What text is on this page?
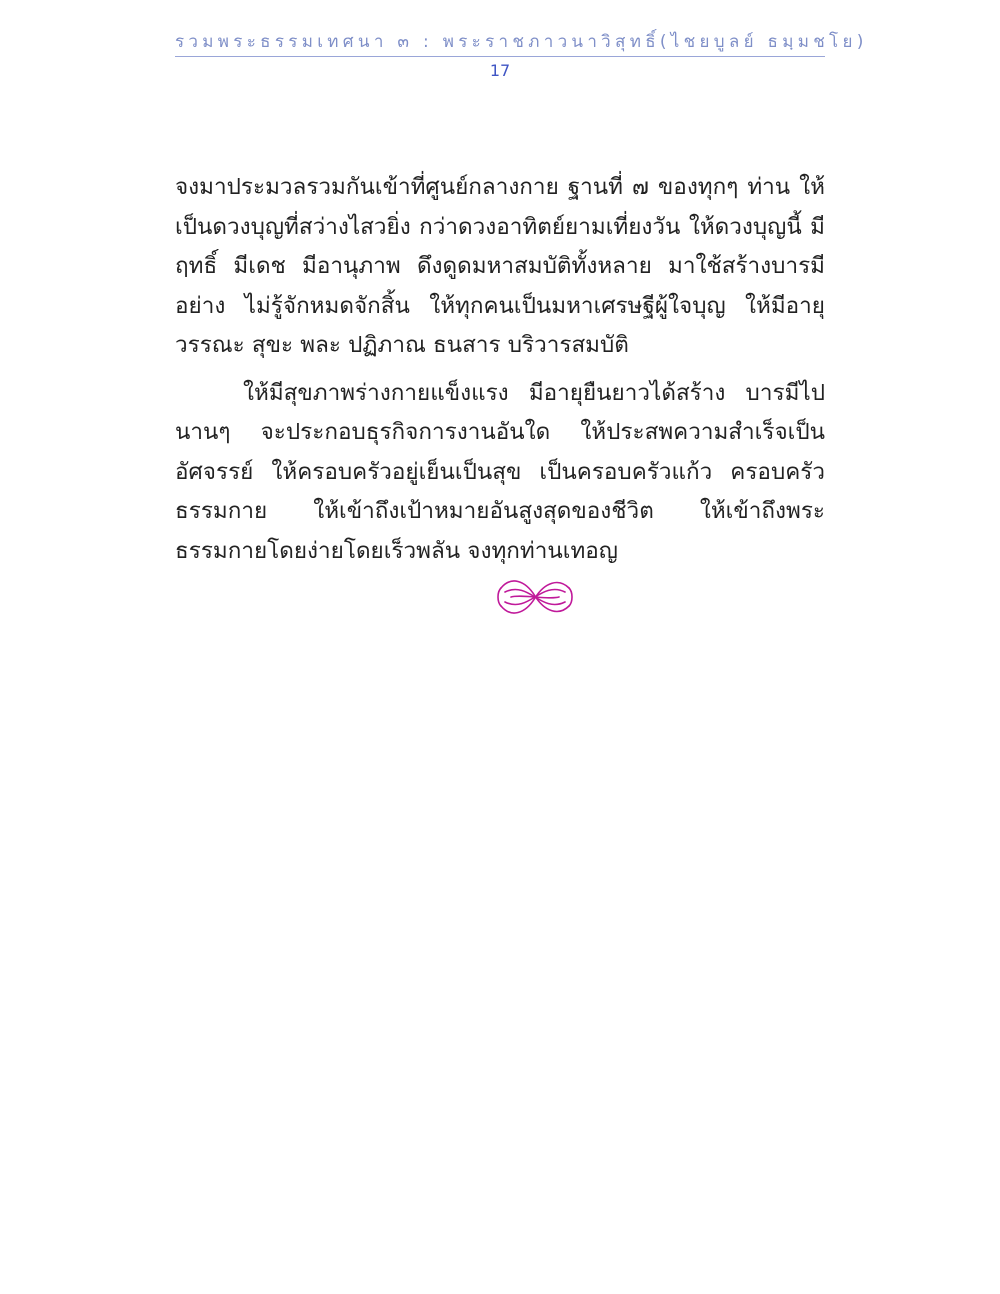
รวมพระธรรมเทศนา ๓ : พระราชภาวนาวิสุทธิ์(ไชยบูลย์ ธมฺมชโย)
17

จงมาประมวลรวมกันเข้าที่ศูนย์กลางกาย ฐานที่ ๗ ของทุกๆ ท่าน ให้เป็นดวงบุญที่สว่างไสวยิ่ง กว่าดวงอาทิตย์ยามเที่ยงวัน ให้ดวงบุญนี้ มีฤทธิ์ มีเดช มีอานุภาพ ดึงดูดมหาสมบัติทั้งหลาย มาใช้สร้างบารมีอย่าง ไม่รู้จักหมดจักสิ้น ให้ทุกคนเป็นมหาเศรษฐีผู้ใจบุญ ให้มีอายุ วรรณะ สุขะ พละ ปฏิภาณ ธนสาร บริวารสมบัติ

ให้มีสุขภาพร่างกายแข็งแรง มีอายุยืนยาวได้สร้าง บารมีไปนานๆ จะประกอบธุรกิจการงานอันใด ให้ประสพความสำเร็จเป็นอัศจรรย์ ให้ครอบครัวอยู่เย็นเป็นสุข เป็นครอบครัวแก้ว ครอบครัวธรรมกาย ให้เข้าถึงเป้าหมายอันสูงสุดของชีวิต ให้เข้าถึงพระธรรมกายโดยง่ายโดยเร็วพลัน จงทุกท่านเทอญ
